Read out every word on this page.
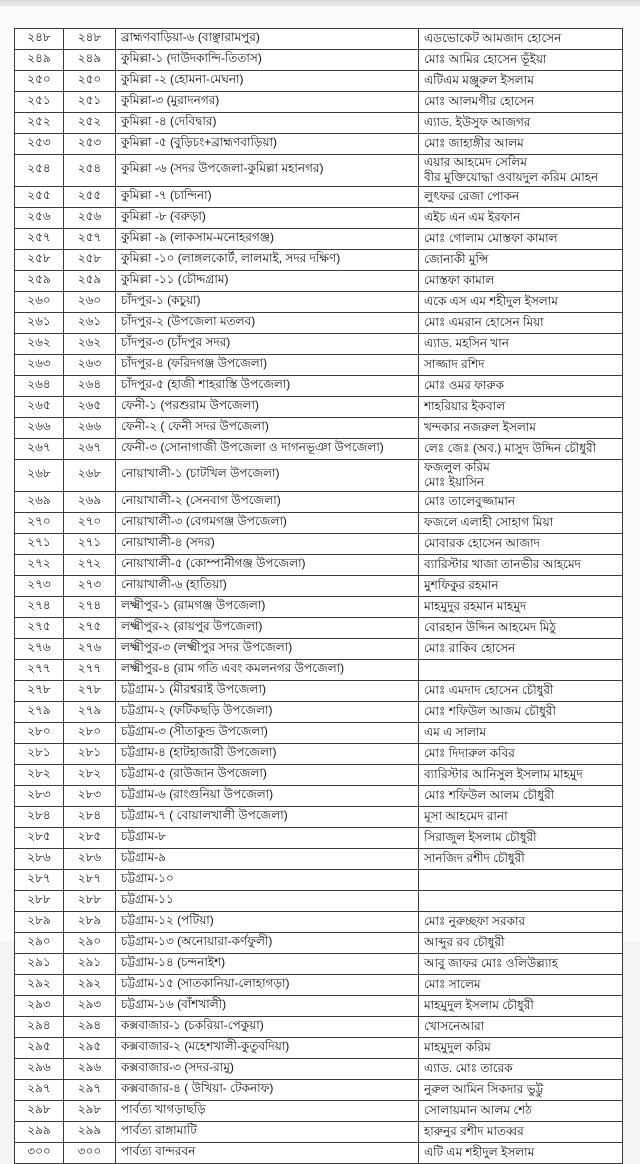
২৪৮	২৪৮	ব্রাহ্মণবাড়িয়া-৬ (বাঞ্ছারামপুর)	এডভোকেট আমজাদ হোসেন

২৪৯	২৪৯	কুমিল্লা-১ (দাউদকান্দি-তিতাস)	মোঃ আমির হোসেন ভূঁইয়া

২৫০	২৫০	কুমিল্লা -২ (হোমনা-মেঘনা)	এটিএম মঞ্জুরুল ইসলাম

২৫১	২৫১	কুমিল্লা-৩ (মুরাদনগর)	মোঃ আলমগীর হোসেন

২৫২	২৫২	কুমিল্লা -৪ (দেবিদ্বার)	এ্যাড. ইউসুফ আজগর

২৫৩	২৫৩	কুমিল্লা -৫ (বুড়িচং+ব্রাহ্মণবাড়িয়া)	মোঃ জাহাঙ্গীর আলম

২৫৪	২৫৪	কুমিল্লা -৬ (সদর উপজেলা-কুমিল্লা মহানগর)	এয়ার আহমেদ সেলিম
বীর মুক্তিযোদ্ধা ওবায়দুল করিম মোহন

২৫৫	২৫৫	কুমিল্লা -৭ (চান্দিনা)	লুৎফর রেজা পোকন

২৫৬	২৫৬	কুমিল্লা -৮ (বরুড়া)	এইচ এন এম ইরফান

২৫৭	২৫৭	কুমিল্লা -৯ (লাকসাম-মনোহরগঞ্জ)	মোঃ গোলাম মোস্তফা কামাল

২৫৮	২৫৮	কুমিল্লা -১০ (লাঙ্গলকোর্ট, লালমাই, সদর দক্ষিণ)	জোনাকী মুন্সি

২৫৯	২৫৯	কুমিল্লা -১১ (চৌদ্দগ্রাম)	মোস্তফা কামাল

২৬০	২৬০	চাঁদপুর-১ (কচুয়া)	একে এস এম শহীদুল ইসলাম

২৬১	২৬১	চাঁদপুর-২ (উপজেলা মতলব)	মোঃ এমরান হোসেন মিয়া

২৬২	২৬২	চাঁদপুর-৩ (চাঁদপুর সদর)	এ্যাড. মহসিন খান

২৬৩	২৬৩	চাঁদপুর-৪ (ফরিদগঞ্জ উপজেলা)	সাজ্জাদ রশিদ

২৬৪	২৬৪	চাঁদপুর-৫ (হাজী শাহরাস্তি উপজেলা)	মোঃ ওমর ফারুক

২৬৫	২৬৫	ফেনী-১ (পরশুরাম উপজেলা)	শাহরিয়ার ইকবাল

২৬৬	২৬৬	ফেনী-২ ( ফেনী সদর উপজেলা)	খন্দকার নজরুল ইসলাম

২৬৭	২৬৭	ফেনী-৩ (সোনাগাজী উপজেলা ও দাগনভূঞা উপজেলা)	লেঃ জেঃ (অব.) মাসুদ উদ্দিন চৌধুরী

২৬৮	২৬৮	নোয়াখালী-১ (চাটখিল উপজেলা)	ফজলুল করিম
মোঃ ইয়াসিন

২৬৯	২৬৯	নোয়াখালী-২ (সেনবাগ উপজেলা)	মোঃ তালেবুজ্জামান

২৭০	২৭০	নোয়াখালী-৩ (বেগমগঞ্জ উপজেলা)	ফজলে এলাহী সোহাগ মিয়া

২৭১	২৭১	নোয়াখালী-৪ (সদর)	মোবারক হোসেন আজাদ

২৭২	২৭২	নোয়াখালী-৫ (কোম্পানীগঞ্জ উপজেলা)	ব্যারিস্টার খাজা তানভীর আহমেদ

২৭৩	২৭৩	নোয়াখালী-৬ (হাতিয়া)	মুশফিকুর রহমান

২৭৪	২৭৪	লক্ষ্মীপুর-১ (রামগঞ্জ উপজেলা)	মাহমুদুর রহমান মাহমুদ

২৭৫	২৭৫	লক্ষ্মীপুর-২ (রায়পুর উপজেলা)	বোরহান উদ্দিন আহমেদ মিঠু

২৭৬	২৭৬	লক্ষ্মীপুর-৩ (লক্ষ্মীপুর সদর উপজেলা)	মোঃ রাকিব হোসেন

২৭৭	২৭৭	লক্ষ্মীপুর-৪ (রাম গতি এবং কমলনগর উপজেলা)	
২৭৮	২৭৮	চট্টগ্রাম-১ (মীরশ্বরাই উপজেলা)	মোঃ এমদাদ হোসেন চৌধুরী

২৭৯	২৭৯	চট্টগ্রাম-২ (ফটিকছড়ি উপজেলা)	মোঃ শফিউল আজম চৌধুরী

২৮০	২৮০	চট্টগ্রাম-৩ (সীতাকুন্ড উপজেলা)	এম এ সালাম

২৮১	২৮১	চট্টগ্রাম-৪ (হাটহাজারী উপজেলা)	মোঃ দিদারুল কবির

২৮২	২৮২	চট্টগ্রাম-৫ (রাউজান উপজেলা)	ব্যারিস্টার আনিসুল ইসলাম মাহমুদ

২৮৩	২৮৩	চট্টগ্রাম-৬ (রাংগুনিয়া উপজেলা)	মোঃ শফিউল আলম চৌধুরী

২৮৪	২৮৪	চট্টগ্রাম-৭ ( বোয়ালখালী উপজেলা)	মূসা আহমেদ রানা

২৮৫	২৮৫	চট্টগ্রাম-৮	সিরাজুল ইসলাম চৌধুরী

২৮৬	২৮৬	চট্টগ্রাম-৯	সানজিদ রশীদ চৌধুরী

২৮৭	২৮৭	চট্টগ্রাম-১০	
২৮৮	২৮৮	চট্টগ্রাম-১১	
২৮৯	২৮৯	চট্টগ্রাম-১২ (পটিয়া)	মোঃ নুরুচ্ছফা সরকার

২৯০	২৯০	চট্টগ্রাম-১৩ (অনোয়ারা-কর্ণফুলী)	আব্দুর রব চৌধুরী

২৯১	২৯১	চট্টগ্রাম-১৪ (চন্দনাইশ)	আবু জাফর মোঃ ওলিউল্ল্যাহ

২৯২	২৯২	চট্টগ্রাম-১৫ (সাতকানিয়া-লোহাগড়া)	মোঃ সালেম

২৯৩	২৯৩	চট্টগ্রাম-১৬ (বাঁশখালী)	মাহমুদুল ইসলাম চৌধুরী

২৯৪	২৯৪	কক্সবাজার-১ (চকরিয়া-পেকুয়া)	খোসনেআরা

২৯৫	২৯৫	কক্সবাজার-২ (মহেশখালী-কুতুবদিয়া)	মাহমুদুল করিম

২৯৬	২৯৬	কক্সবাজার-৩ (সদর-রামু)	এ্যাড. মোঃ তারেক

২৯৭	২৯৭	কক্সবাজার-৪ ( উখিয়া- টেকনাফ)	নুরুল আমিন সিকদার ভুট্টু

২৯৮	২৯৮	পার্বত্য খাগড়াছড়ি	সোলায়মান আলম শেঠ

২৯৯	২৯৯	পার্বত্য রাঙ্গামাটি	হারুনুর রশীদ মাতব্বর

৩০০	৩০০	পার্বত্য বান্দরবন	এটি এম শহীদুল ইসলাম
